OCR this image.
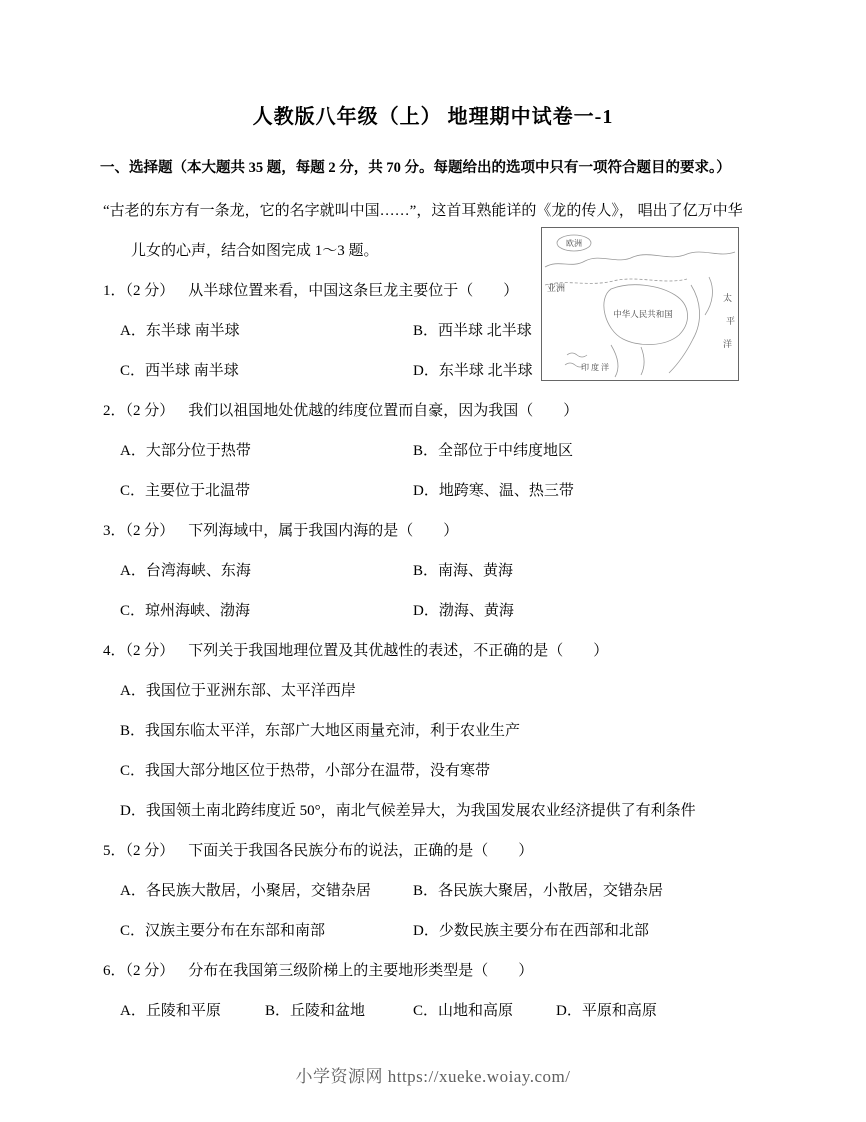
人教版八年级（上） 地理期中试卷一-1
一、选择题（本大题共 35 题，每题 2 分，共 70 分。每题给出的选项中只有一项符合题目的要求。）
“古老的东方有一条龙，它的名字就叫中国……”，这首耳熟能详的《龙的传人》， 唱出了亿万中华
儿女的心声，结合如图完成 1～3 题。
1．（2 分） 从半球位置来看，中国这条巨龙主要位于（　　）
A．东半球 南半球	B．西半球 北半球
C．西半球 南半球	D．东半球 北半球
2．（2 分） 我们以祖国地处优越的纬度位置而自豪，因为我国（　　）
A．大部分位于热带	B．全部位于中纬度地区
C．主要位于北温带	D．地跨寒、温、热三带
3．（2 分） 下列海域中，属于我国内海的是（　　）
A．台湾海峡、东海	B．南海、黄海
C．琼州海峡、渤海	D．渤海、黄海
4．（2 分） 下列关于我国地理位置及其优越性的表述，不正确的是（　　）
A．我国位于亚洲东部、太平洋西岸
B．我国东临太平洋，东部广大地区雨量充沛，利于农业生产
C．我国大部分地区位于热带，小部分在温带，没有寒带
D．我国领土南北跨纬度近 50°，南北气候差异大，为我国发展农业经济提供了有利条件
5．（2 分） 下面关于我国各民族分布的说法，正确的是（　　）
A．各民族大散居，小聚居，交错杂居	B．各民族大聚居，小散居，交错杂居
C．汉族主要分布在东部和南部	D．少数民族主要分布在西部和北部
6．（2 分） 分布在我国第三级阶梯上的主要地形类型是（　　）
A．丘陵和平原	B．丘陵和盆地	C．山地和高原	D．平原和高原
欧洲
亚洲
中华人民共和国
太
平
洋
印 度 洋
小学资源网 https://xueke.woiay.com/
